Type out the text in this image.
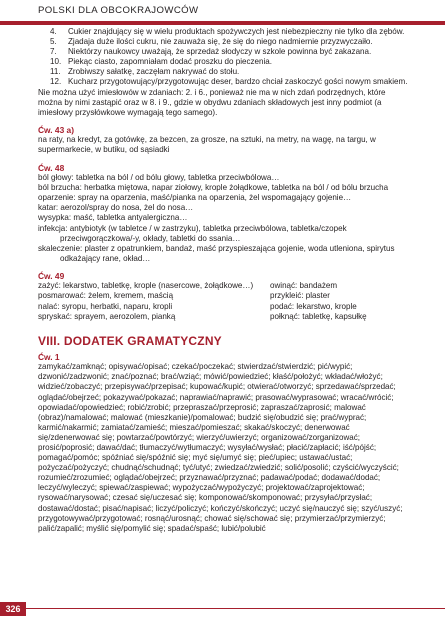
POLSKI DLA OBCOKRAJOWCÓW
4. Cukier znajdujący się w wielu produktach spożywczych jest niebezpieczny nie tylko dla zębów.
5. Zjadaja duże ilości cukru, nie zauważa się, że się do niego nadmiernie przyzwyczaiło.
7. Niektórzy naukowcy uważają, że sprzedaż słodyczy w szkole powinna być zakazana.
10. Piekąc ciasto, zapomniałam dodać proszku do pieczenia.
11. Zrobiwszy sałatkę, zaczęłam nakrywać do stołu.
12. Kucharz przygotowujący/przygotowując deser, bardzo chciał zaskoczyć gości nowym smakiem.

Nie można użyć imiesłowów w zdaniach: 2. i 6., ponieważ nie ma w nich zdań podrzędnych, które można by nimi zastąpić oraz w 8. i 9., gdzie w obydwu zdaniach składowych jest inny podmiot (a imiesłowy przysłówkowe wymagają tego samego).

Ćw. 43 a)

na raty, na kredyt, za gotówkę, za bezcen, za grosze, na sztuki, na metry, na wagę, na targu, w supermarkecie, w butiku, od sąsiadki

Ćw. 48

ból głowy: tabletka na ból / od bólu głowy, tabletka przeciwbólowa…

ból brzucha: herbatka miętowa, napar ziołowy, krople żołądkowe, tabletka na ból / od bólu brzucha

oparzenie: spray na oparzenia, maść/pianka na oparzenia, żel wspomagający gojenie…

katar: aerozol/spray do nosa, żel do nosa…

wysypka: maść, tabletka antyalergiczna…

infekcja: antybiotyk (w tabletce / w zastrzyku), tabletka przeciwbólowa, tabletka/czopek przeciwgorączkowa/-y, okłady, tabletki do ssania…

skaleczenie: plaster z opatrunkiem, bandaż, maść przyspieszająca gojenie, woda utleniona, spirytus odkażający rane, okład…

Ćw. 49
zażyć: lekarstwo, tabletkę, krople (nasercowe, żołądkowe…)
posmarować: żelem, kremem, maścią
nalać: syropu, herbatki, naparu, kropli
spryskać: sprayem, aerozolem, pianką
owinąć: bandażem
przykleić: plaster
podać: lekarstwo, krople
połknąć: tabletkę, kapsułkę
VIII. DODATEK GRAMATYCZNY
Ćw. 1

zamykać/zamknąć; opisywać/opisać; czekać/poczekać; stwierdzać/stwierdzić; pić/wypić; dzwonić/zadzwonić; znać/poznać; brać/wziąć; mówić/powiedzieć; kłaść/położyć; wkładać/włożyć; widzieć/zobaczyć; przepisywać/przepisać; kupować/kupić; otwierać/otworzyć; sprzedawać/sprzedać; oglądać/obejrzeć; pokazywać/pokazać; naprawiać/naprawić; prasować/wyprasować; wracać/wrócić; opowiadać/opowiedzieć; robić/zrobić; przepraszać/przeprosić; zapraszać/zaprosić; malować (obraz)/namalować; malować (mieszkanie)/pomalować; budzić się/obudzić się; prać/wyprać; karmić/nakarmić; zamiatać/zamieść; mieszać/pomieszać; skakać/skoczyć; denerwować się/zdenerwować się; powtarzać/powtórzyć; wierzyć/uwierzyć; organizować/zorganizować; prosić/poprosić; dawać/dać; tłumaczyć/wytłumaczyć; wysyłać/wysłać; płacić/zapłacić; iść/pójść; pomagać/pomóc; spóźniać się/spóźnić się; myć się/umyć się; pieć/upiec; ustawać/ustać; pożyczać/pożyczyć; chudnąć/schudnąć; tyć/utyć; zwiedzać/zwiedzić; solić/posolić; czyścić/wyczyścić; rozumieć/zrozumieć; oglądać/obejrzeć; przyznawać/przyznać; padawać/podać; dodawać/dodać; leczyć/wyleczyć; spiewać/zaspiewać; wypożyczać/wypożyczyć; projektować/zaprojektować; rysować/narysować; czesać się/uczesać się; komponować/skomponować; przysyłać/przysłać; dostawać/dostać; pisać/napisać; liczyć/policzyć; kończyć/skończyć; uczyć się/nauczyć się; szyć/uszyć; przygotowywać/przygotować; rosnąć/urosnąć; chować się/schować się; przymierzać/przymierzyć; palić/zapalić; myślić się/pomylić się; spadać/spaść; lubić/polubić

326
